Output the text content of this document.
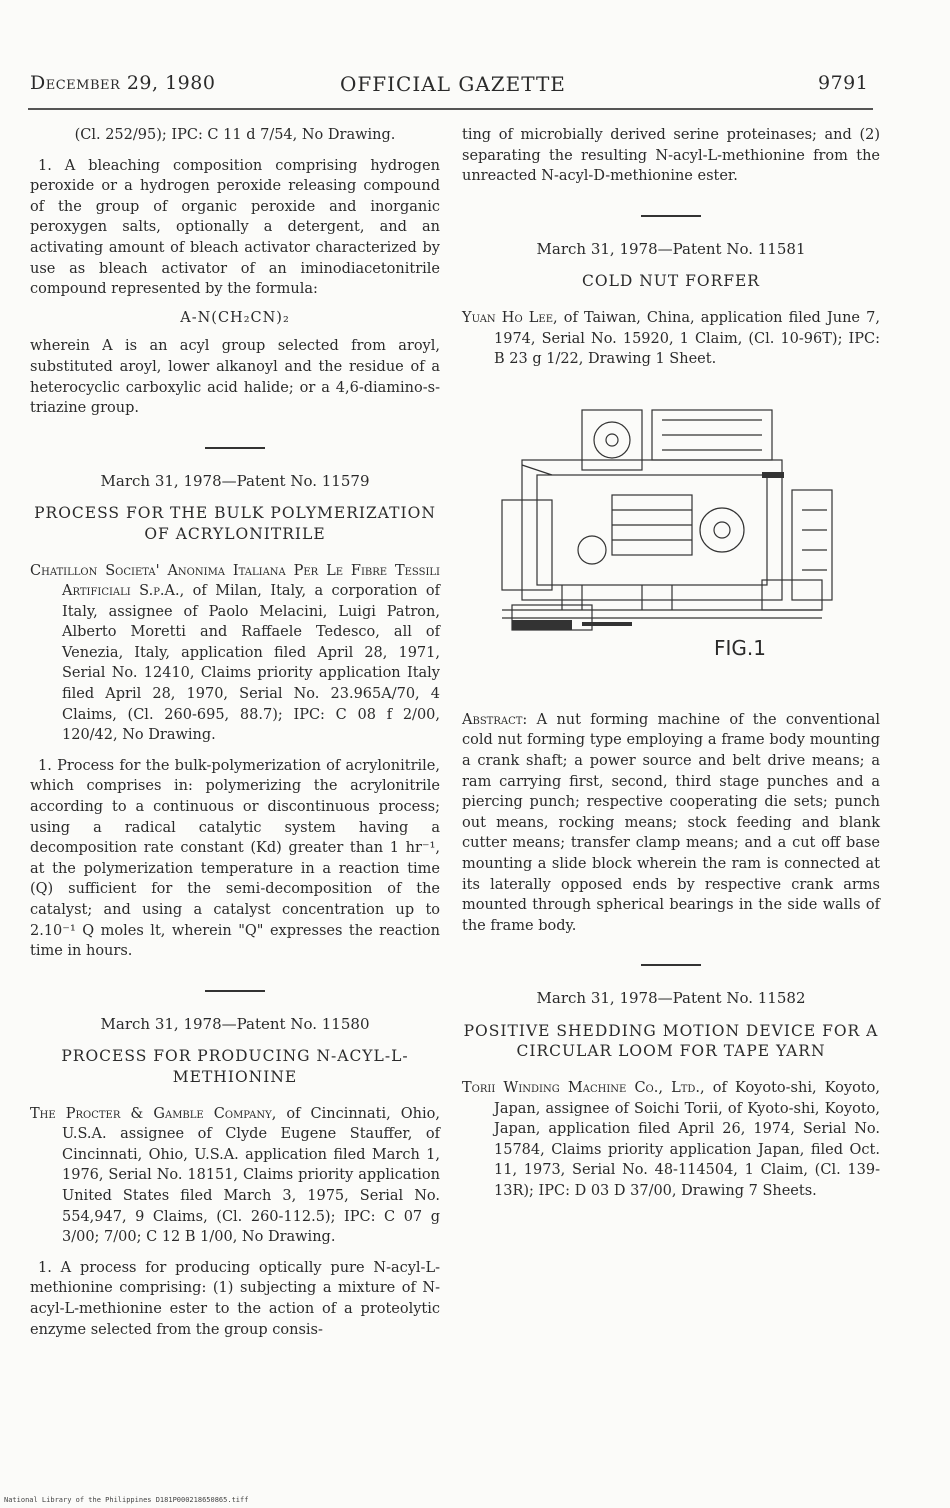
December 29, 1980	OFFICIAL GAZETTE	9791

(Cl. 252/95); IPC: C 11 d 7/54, No Drawing.

1. A bleaching composition comprising hydrogen peroxide or a hydrogen peroxide releasing compound of the group of organic peroxide and inorganic peroxygen salts, optionally a detergent, and an activating amount of bleach activator characterized by use as bleach activator of an iminodiacetonitrile compound represented by the formula:

A-N(CH₂CN)₂

wherein A is an acyl group selected from aroyl, substituted aroyl, lower alkanoyl and the residue of a heterocyclic carboxylic acid halide; or a 4,6-diamino-s-triazine group.

March 31, 1978—Patent No. 11579

PROCESS FOR THE BULK POLYMERIZATION OF ACRYLONITRILE

Chatillon Societa' Anonima Italiana Per Le Fibre Tessili Artificiali S.p.A., of Milan, Italy, a corporation of Italy, assignee of Paolo Melacini, Luigi Patron, Alberto Moretti and Raffaele Tedesco, all of Venezia, Italy, application filed April 28, 1971, Serial No. 12410, Claims priority application Italy filed April 28, 1970, Serial No. 23.965A/70, 4 Claims, (Cl. 260-695, 88.7); IPC: C 08 f 2/00, 120/42, No Drawing.

1. Process for the bulk-polymerization of acrylonitrile, which comprises in: polymerizing the acrylonitrile according to a continuous or discontinuous process; using a radical catalytic system having a decomposition rate constant (Kd) greater than 1 hr⁻¹, at the polymerization temperature in a reaction time (Q) sufficient for the semi-decomposition of the catalyst; and using a catalyst concentration up to 2.10⁻¹ Q moles lt, wherein "Q" expresses the reaction time in hours.

March 31, 1978—Patent No. 11580

PROCESS FOR PRODUCING N-ACYL-L-METHIONINE

The Procter & Gamble Company, of Cincinnati, Ohio, U.S.A. assignee of Clyde Eugene Stauffer, of Cincinnati, Ohio, U.S.A. application filed March 1, 1976, Serial No. 18151, Claims priority application United States filed March 3, 1975, Serial No. 554,947, 9 Claims, (Cl. 260-112.5); IPC: C 07 g 3/00; 7/00; C 12 B 1/00, No Drawing.

1. A process for producing optically pure N-acyl-L-methionine comprising: (1) subjecting a mixture of N-acyl-L-methionine ester to the action of a proteolytic enzyme selected from the group consis-

ting of microbially derived serine proteinases; and (2) separating the resulting N-acyl-L-methionine from the unreacted N-acyl-D-methionine ester.

March 31, 1978—Patent No. 11581

COLD NUT FORFER

Yuan Ho Lee, of Taiwan, China, application filed June 7, 1974, Serial No. 15920, 1 Claim, (Cl. 10-96T); IPC: B 23 g 1/22, Drawing 1 Sheet.

FIG.1

Abstract: A nut forming machine of the conventional cold nut forming type employing a frame body mounting a crank shaft; a power source and belt drive means; a ram carrying first, second, third stage punches and a piercing punch; respective cooperating die sets; punch out means, rocking means; stock feeding and blank cutter means; transfer clamp means; and a cut off base mounting a slide block wherein the ram is connected at its laterally opposed ends by respective crank arms mounted through spherical bearings in the side walls of the frame body.

March 31, 1978—Patent No. 11582

POSITIVE SHEDDING MOTION DEVICE FOR A CIRCULAR LOOM FOR TAPE YARN

Torii Winding Machine Co., Ltd., of Koyoto-shi, Koyoto, Japan, assignee of Soichi Torii, of Kyoto-shi, Koyoto, Japan, application filed April 26, 1974, Serial No. 15784, Claims priority application Japan, filed Oct. 11, 1973, Serial No. 48-114504, 1 Claim, (Cl. 139-13R); IPC: D 03 D 37/00, Drawing 7 Sheets.

National Library of the Philippines D181P000218650865.tiff
